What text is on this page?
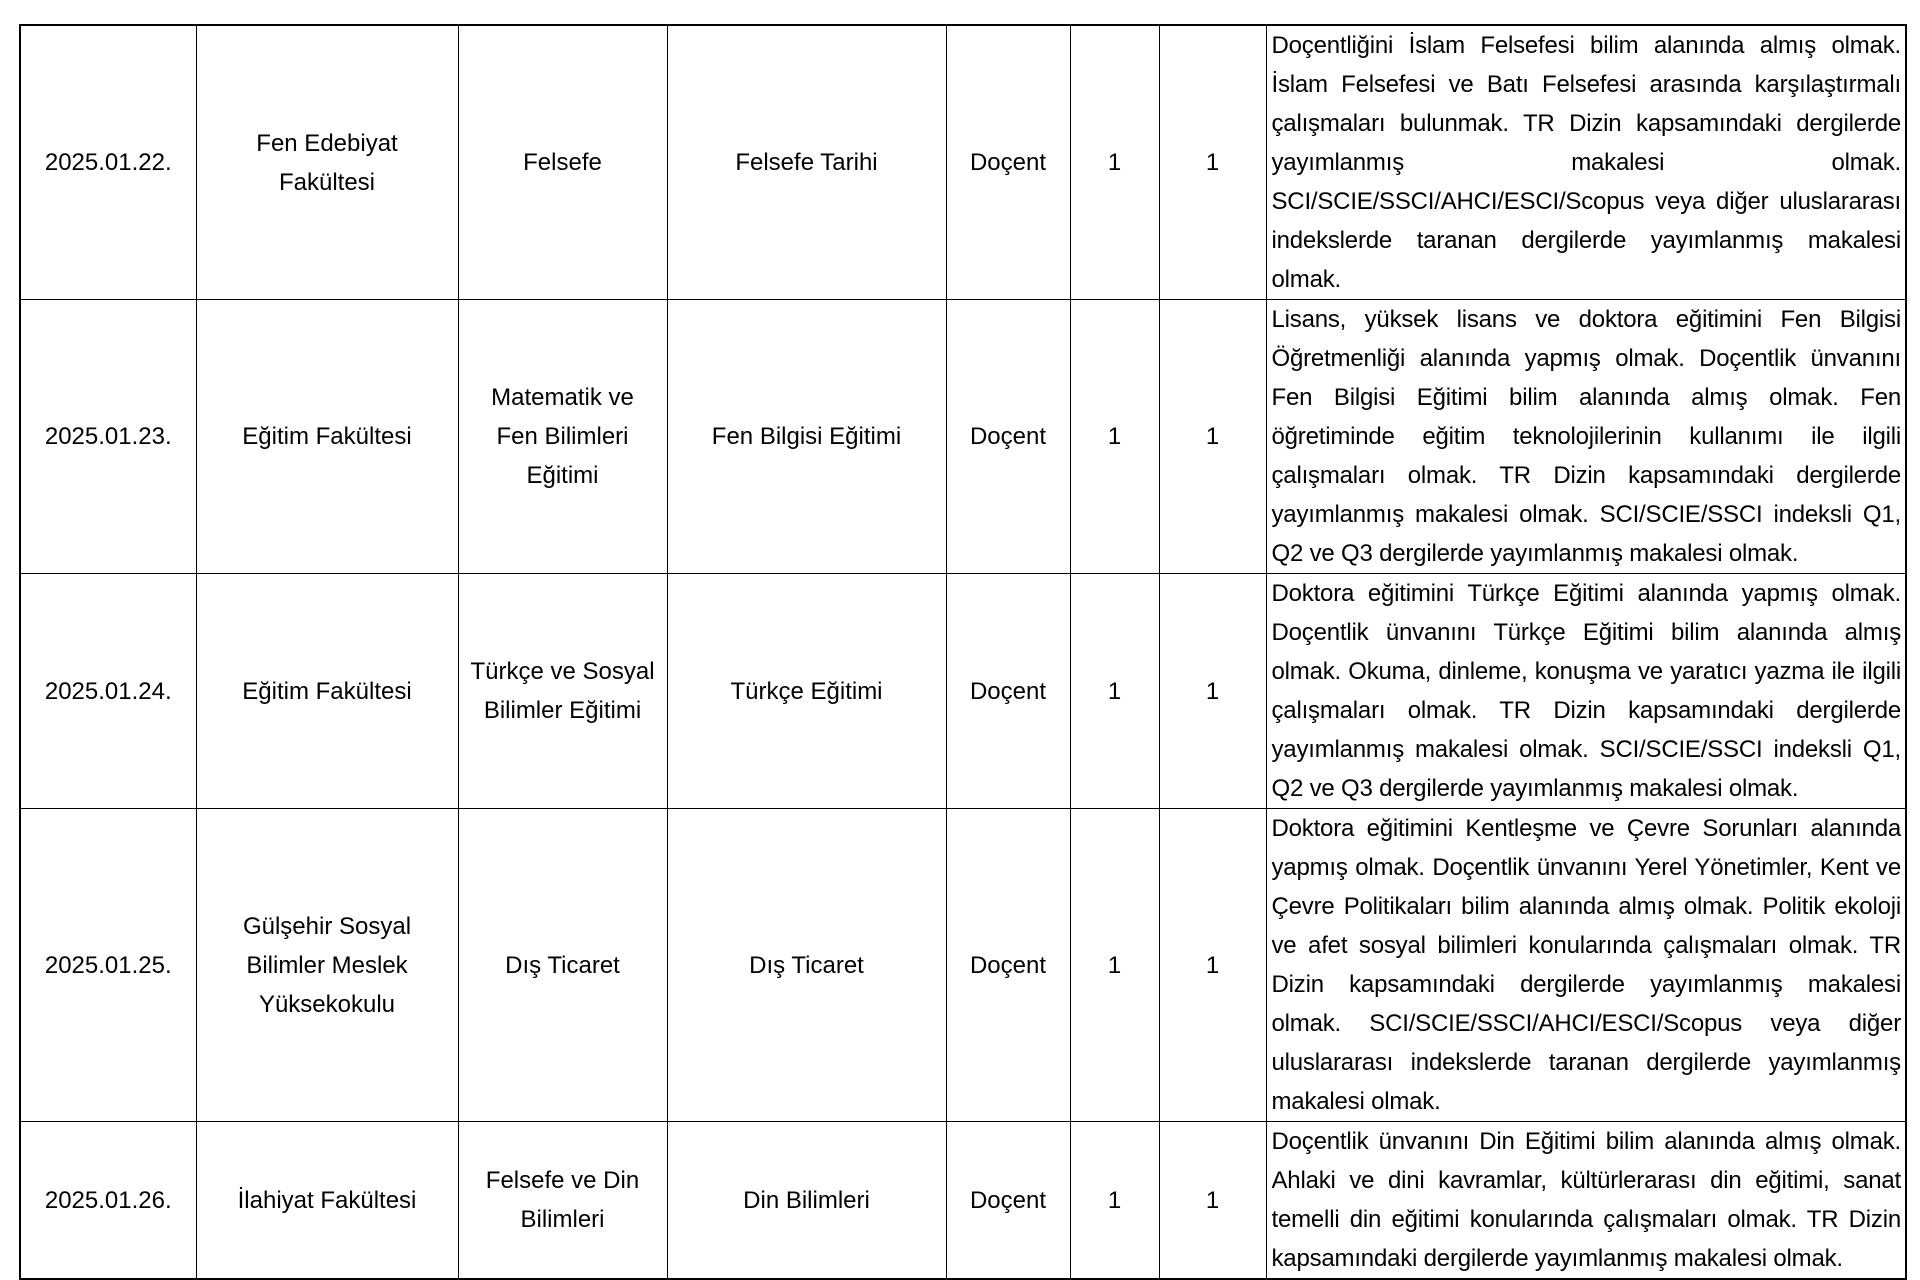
2025.01.22.	Fen Edebiyat Fakültesi	Felsefe	Felsefe Tarihi	Doçent	1	1	Doçentliğini İslam Felsefesi bilim alanında almış olmak. İslam Felsefesi ve Batı Felsefesi arasında karşılaştırmalı çalışmaları bulunmak. TR Dizin kapsamındaki dergilerde yayımlanmış makalesi olmak. SCI/SCIE/SSCI/AHCI/ESCI/Scopus veya diğer uluslararası indekslerde taranan dergilerde yayımlanmış makalesi olmak.
2025.01.23.	Eğitim Fakültesi	Matematik ve Fen Bilimleri Eğitimi	Fen Bilgisi Eğitimi	Doçent	1	1	Lisans, yüksek lisans ve doktora eğitimini Fen Bilgisi Öğretmenliği alanında yapmış olmak. Doçentlik ünvanını Fen Bilgisi Eğitimi bilim alanında almış olmak. Fen öğretiminde eğitim teknolojilerinin kullanımı ile ilgili çalışmaları olmak. TR Dizin kapsamındaki dergilerde yayımlanmış makalesi olmak. SCI/SCIE/SSCI indeksli Q1, Q2 ve Q3 dergilerde yayımlanmış makalesi olmak.
2025.01.24.	Eğitim Fakültesi	Türkçe ve Sosyal Bilimler Eğitimi	Türkçe Eğitimi	Doçent	1	1	Doktora eğitimini Türkçe Eğitimi alanında yapmış olmak. Doçentlik ünvanını Türkçe Eğitimi bilim alanında almış olmak. Okuma, dinleme, konuşma ve yaratıcı yazma ile ilgili çalışmaları olmak. TR Dizin kapsamındaki dergilerde yayımlanmış makalesi olmak. SCI/SCIE/SSCI indeksli Q1, Q2 ve Q3 dergilerde yayımlanmış makalesi olmak.
2025.01.25.	Gülşehir Sosyal Bilimler Meslek Yüksekokulu	Dış Ticaret	Dış Ticaret	Doçent	1	1	Doktora eğitimini Kentleşme ve Çevre Sorunları alanında yapmış olmak. Doçentlik ünvanını Yerel Yönetimler, Kent ve Çevre Politikaları bilim alanında almış olmak. Politik ekoloji ve afet sosyal bilimleri konularında çalışmaları olmak. TR Dizin kapsamındaki dergilerde yayımlanmış makalesi olmak. SCI/SCIE/SSCI/AHCI/ESCI/Scopus veya diğer uluslararası indekslerde taranan dergilerde yayımlanmış makalesi olmak.
2025.01.26.	İlahiyat Fakültesi	Felsefe ve Din Bilimleri	Din Bilimleri	Doçent	1	1	Doçentlik ünvanını Din Eğitimi bilim alanında almış olmak. Ahlaki ve dini kavramlar, kültürlerarası din eğitimi, sanat temelli din eğitimi konularında çalışmaları olmak. TR Dizin kapsamındaki dergilerde yayımlanmış makalesi olmak.
